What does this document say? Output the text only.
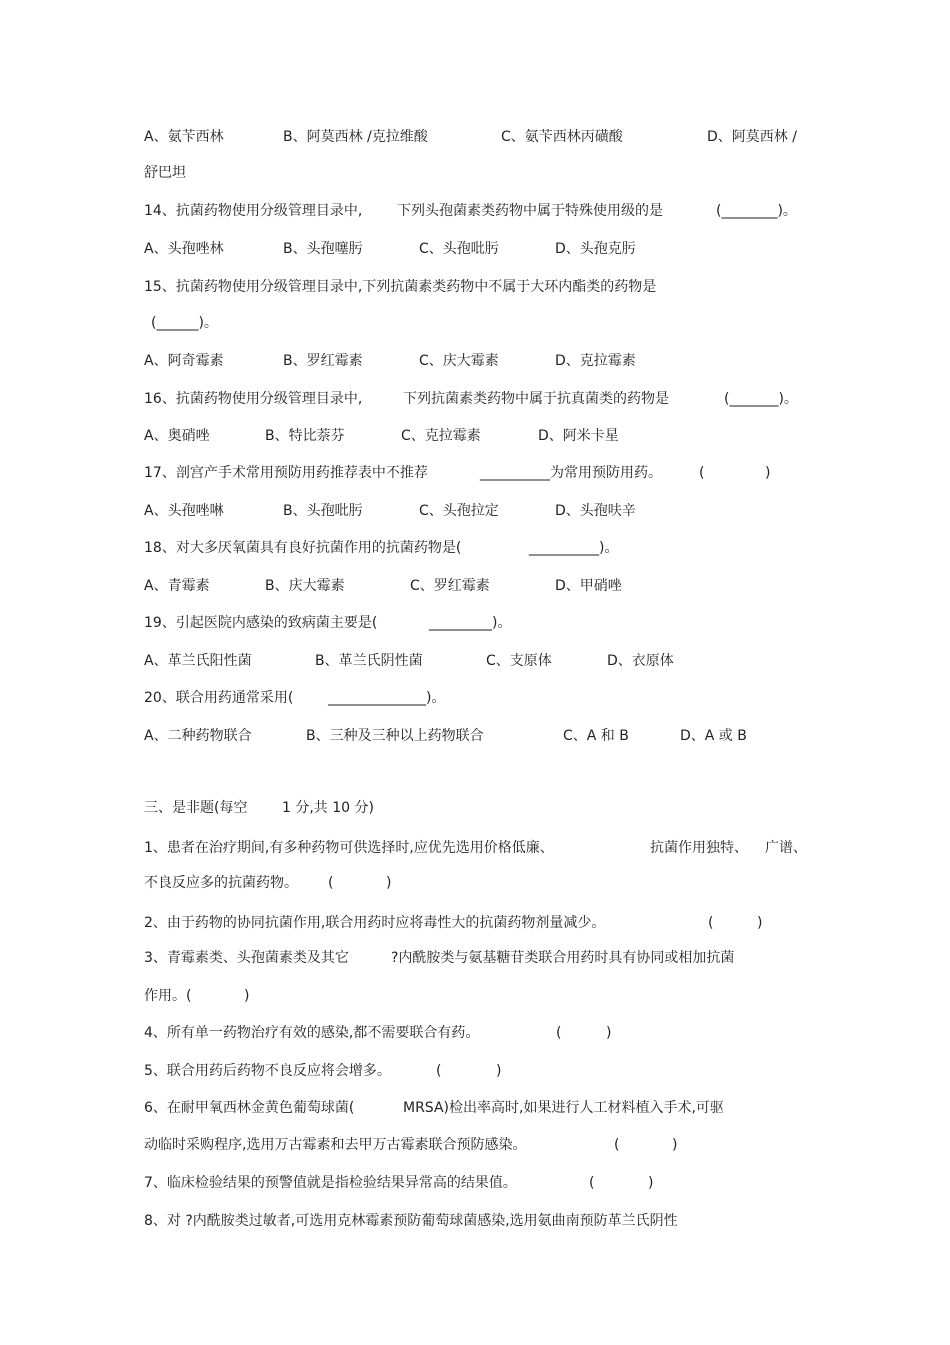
A、氨苄西林	B、阿莫西林 /克拉维酸	C、氨苄西林丙磺酸	D、阿莫西林 /
舒巴坦
14、抗菌药物使用分级管理目录中, 下列头孢菌素类药物中属于特殊使用级的是	(________)。
A、头孢唑林	B、头孢噻肟	C、头孢吡肟	D、头孢克肟
15、抗菌药物使用分级管理目录中,下列抗菌素类药物中不属于大环内酯类的药物是
(______)。
A、阿奇霉素	B、罗红霉素	C、庆大霉素	D、克拉霉素
16、抗菌药物使用分级管理目录中,	下列抗菌素类药物中属于抗真菌类的药物是	(_______)。
A、奥硝唑	B、特比萘芬	C、克拉霉素	D、阿米卡星
17、剖宫产手术常用预防用药推荐表中不推荐	__________为常用预防用药。	(	)
A、头孢唑啉	B、头孢吡肟	C、头孢拉定	D、头孢呋辛
18、对大多厌氧菌具有良好抗菌作用的抗菌药物是(	__________)。
A、青霉素	B、庆大霉素	C、罗红霉素	D、甲硝唑
19、引起医院内感染的致病菌主要是(	_________)。
A、革兰氏阳性菌	B、革兰氏阴性菌	C、支原体	D、衣原体
20、联合用药通常采用( ______________)。
A、二种药物联合	B、三种及三种以上药物联合	C、A 和 B	D、A 或 B
三、是非题(每空 1 分,共 10 分)
1、患者在治疗期间,有多种药物可供选择时,应优先选用价格低廉、	抗菌作用独特、 广谱、
不良反应多的抗菌药物。 (	)
2、由于药物的协同抗菌作用,联合用药时应将毒性大的抗菌药物剂量减少。	(	)
3、青霉素类、头孢菌素类及其它	?内酰胺类与氨基糖苷类联合用药时具有协同或相加抗菌
作用。(	)
4、所有单一药物治疗有效的感染,都不需要联合有药。	(	)
5、联合用药后药物不良反应将会增多。	(	)
6、在耐甲氧西林金黄色葡萄球菌(	MRSA)检出率高时,如果进行人工材料植入手术,可驱
动临时采购程序,选用万古霉素和去甲万古霉素联合预防感染。	(	)
7、临床检验结果的预警值就是指检验结果异常高的结果值。	(	)
8、对 ?内酰胺类过敏者,可选用克林霉素预防葡萄球菌感染,选用氨曲南预防革兰氏阴性
